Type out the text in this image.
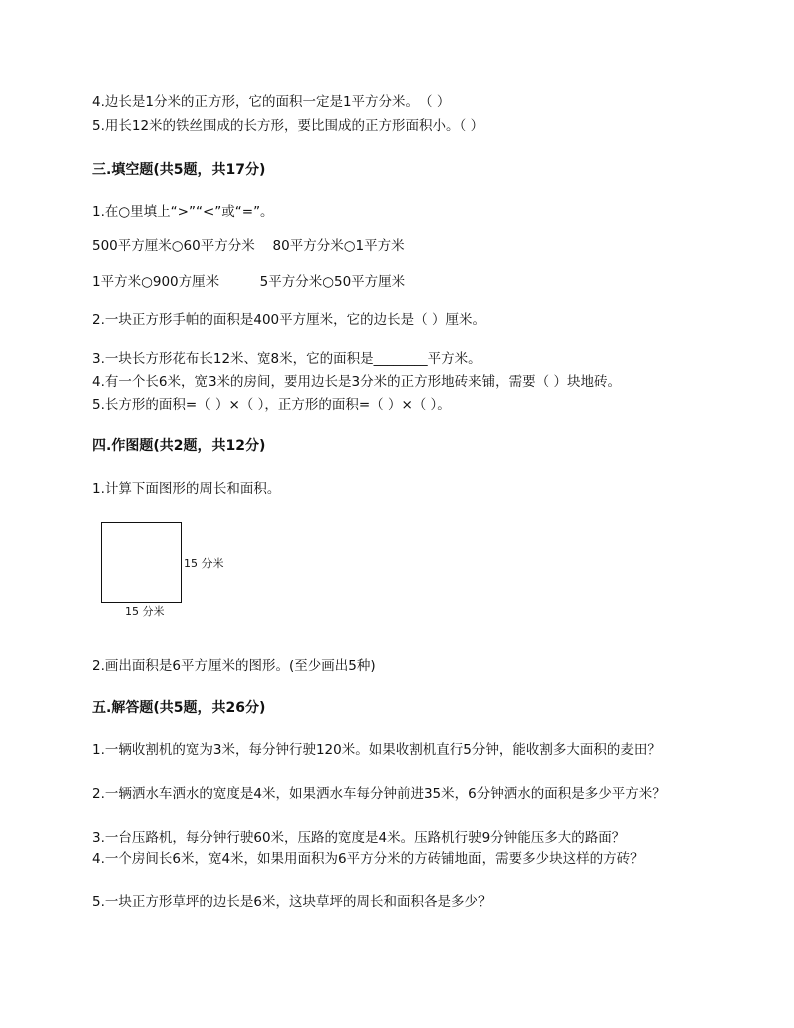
4.边长是1分米的正方形，它的面积一定是1平方分米。　（ ）
5.用长12米的铁丝围成的长方形，要比围成的正方形面积小。（ ）
三.填空题(共5题，共17分)
1.在○里填上“>”“<”或“=”。
500平方厘米○60平方分米　 80平方分米○1平方米
1平方米○900方厘米　　　5平方分米○50平方厘米
2.一块正方形手帕的面积是400平方厘米，它的边长是（ ）厘米。
3.一块长方形花布长12米、宽8米，它的面积是________平方米。
4.有一个长6米，宽3米的房间，要用边长是3分米的正方形地砖来铺，需要（ ）块地砖。
5.长方形的面积=（ ）×（ ），正方形的面积=（ ）×（ ）。
四.作图题(共2题，共12分)
1.计算下面图形的周长和面积。
15 分米
15 分米
2.画出面积是6平方厘米的图形。(至少画出5种)
五.解答题(共5题，共26分)
1.一辆收割机的宽为3米，每分钟行驶120米。如果收割机直行5分钟，能收割多大面积的麦田？
2.一辆洒水车洒水的宽度是4米，如果洒水车每分钟前进35米，6分钟洒水的面积是多少平方米？
3.一台压路机，每分钟行驶60米，压路的宽度是4米。压路机行驶9分钟能压多大的路面？
4.一个房间长6米，宽4米，如果用面积为6平方分米的方砖铺地面，需要多少块这样的方砖？
5.一块正方形草坪的边长是6米，这块草坪的周长和面积各是多少？
